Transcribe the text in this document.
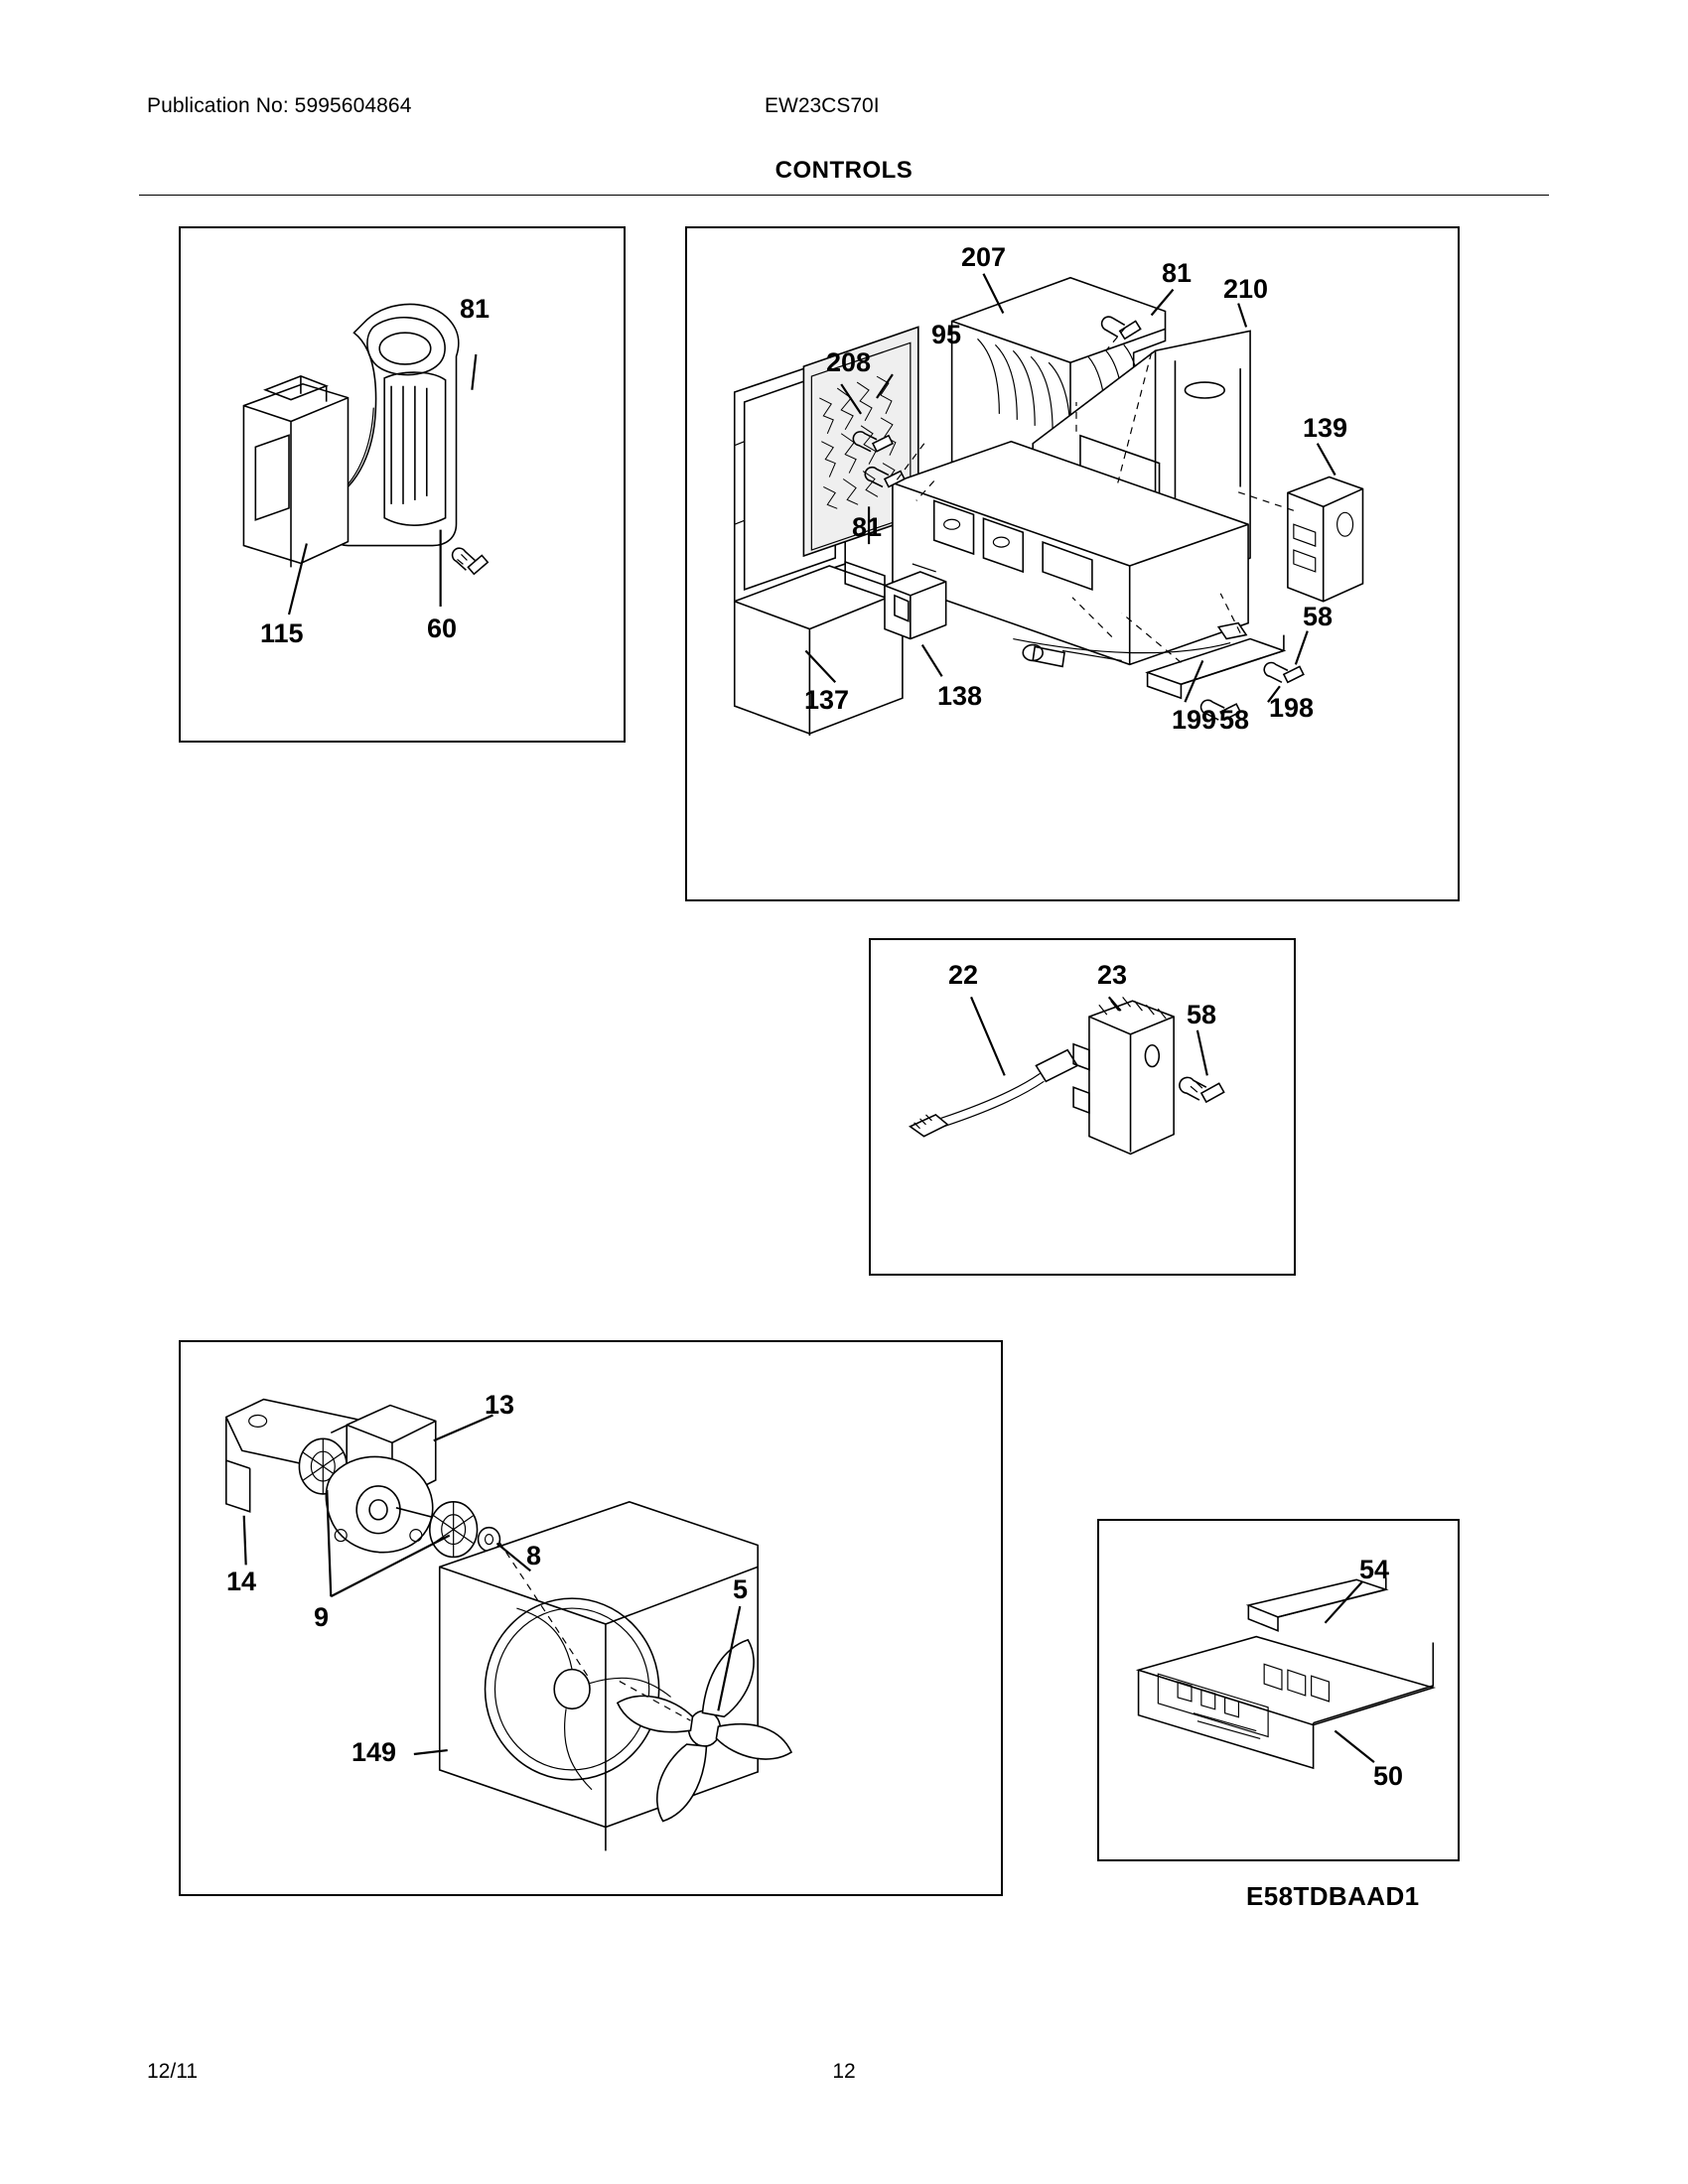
Publication No: 5995604864	EW23CS70I
CONTROLS
81
115	60
207
208
95
81
210
139
81
138
137
199
58
198
58
22	23
58
13
14
9
8
5
149
54
50
E58TDBAAD1
12/11	12
